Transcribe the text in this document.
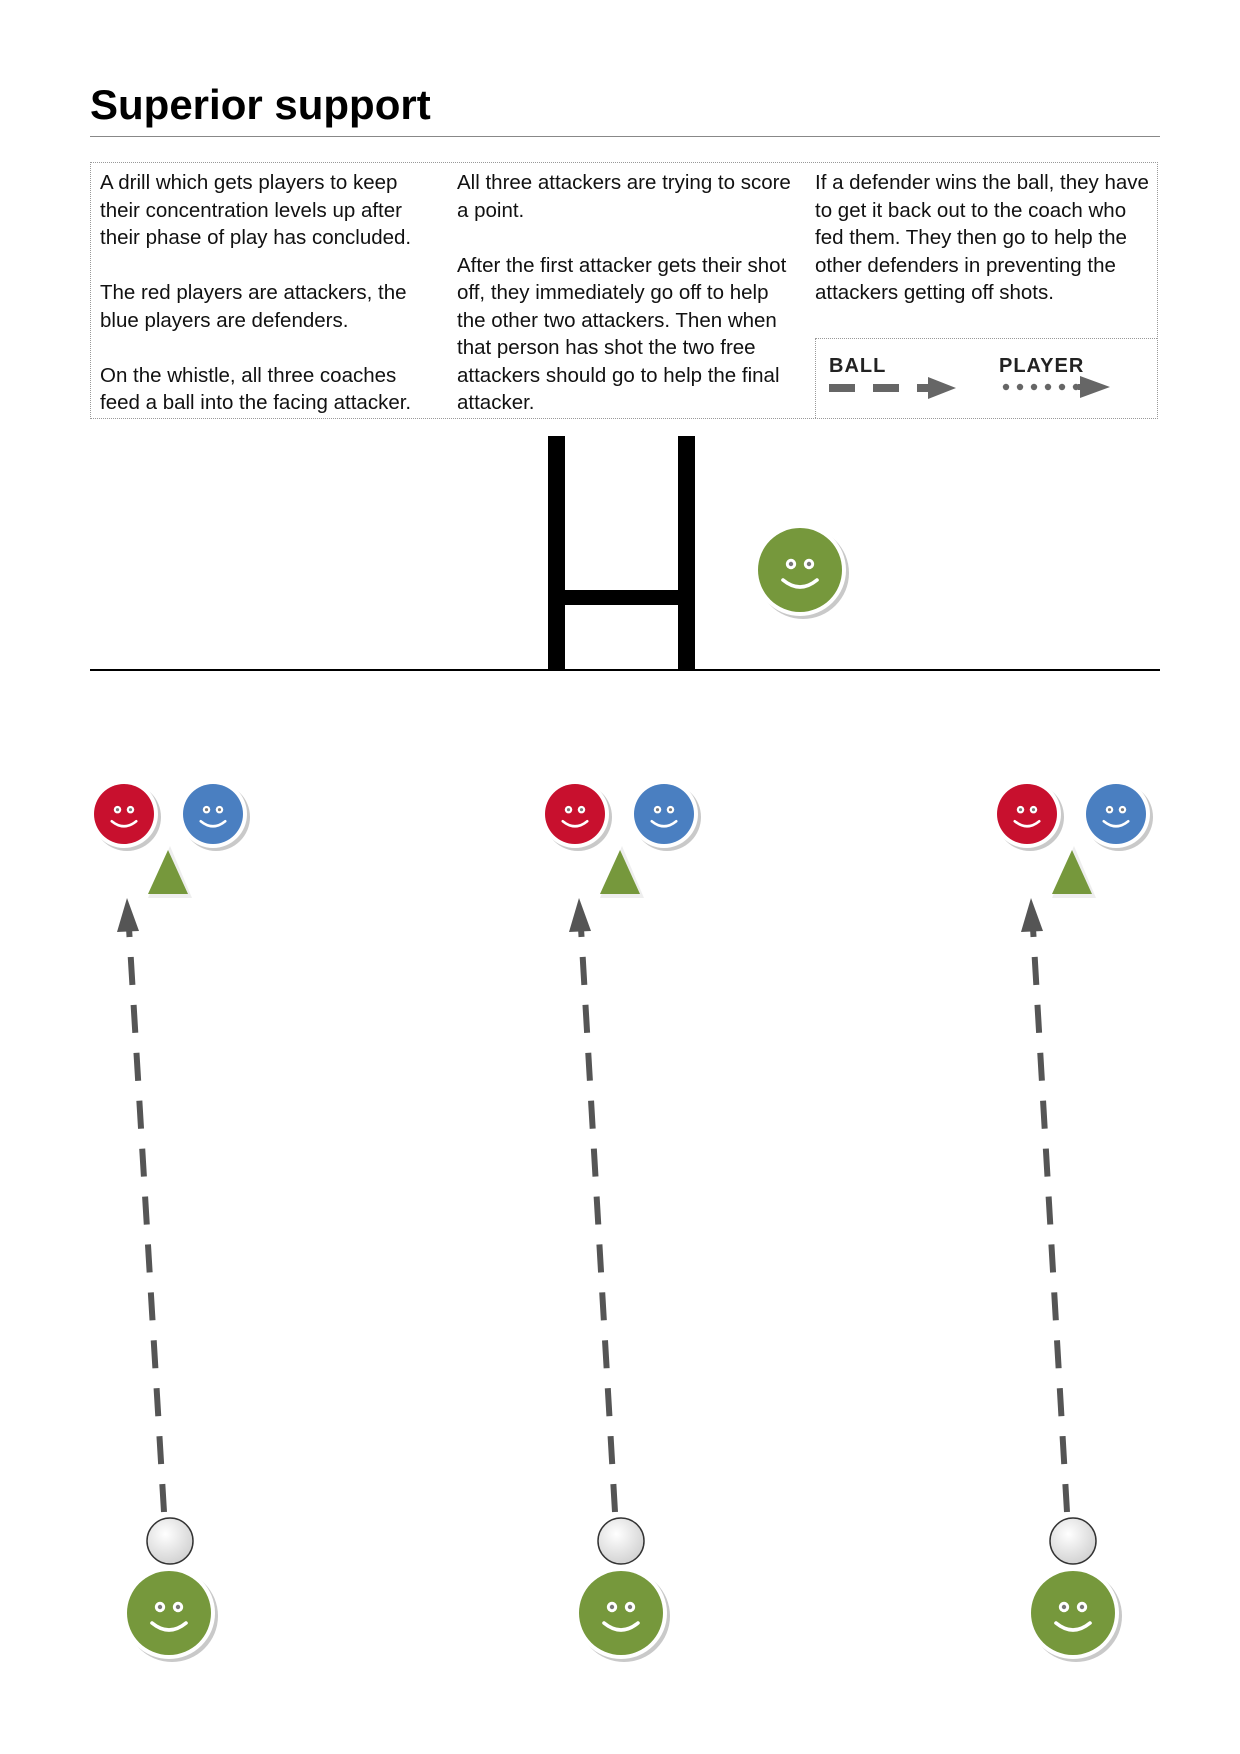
Superior support

A drill which gets players to keep their concentration levels up after their phase of play has concluded.

The red players are attackers, the blue players are defenders.

On the whistle, all three coaches feed a ball into the facing attacker.

All three attackers are trying to score a point.

After the first attacker gets their shot off, they immediately go off to help the other two attackers. Then when that person has shot the two free attackers should go to help the final attacker.

If a defender wins the ball, they have to get it back out to the coach who fed them. They then go to help the other defenders in preventing the attackers getting off shots.

BALL	PLAYER
